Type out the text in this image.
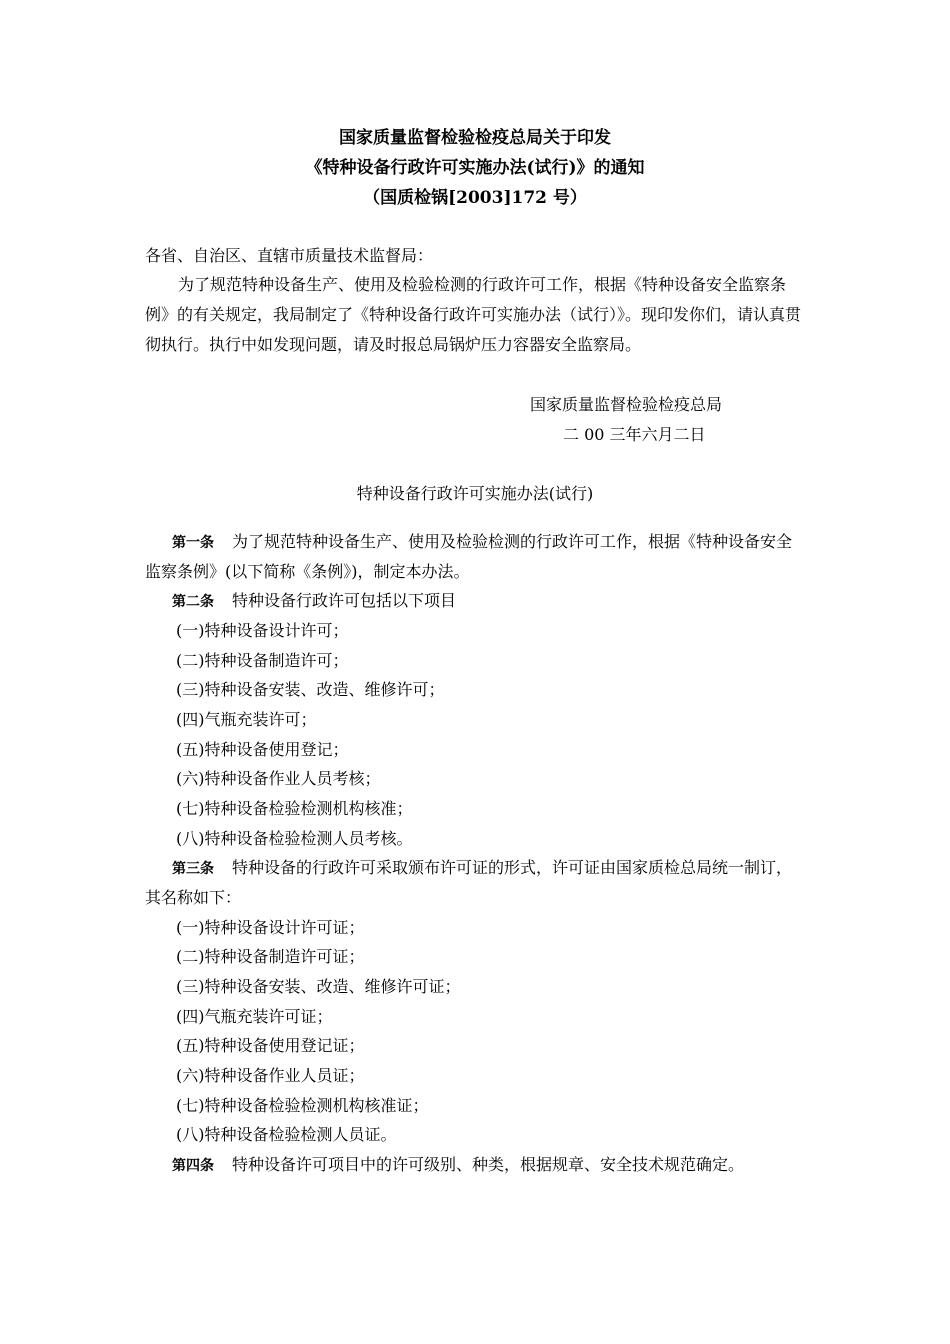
国家质量监督检验检疫总局关于印发
《特种设备行政许可实施办法(试行)》的通知
（国质检锅[2003]172 号）
各省、自治区、直辖市质量技术监督局：
为了规范特种设备生产、使用及检验检测的行政许可工作，根据《特种设备安全监察条
例》的有关规定，我局制定了《特种设备行政许可实施办法（试行）》。现印发你们，请认真贯
彻执行。执行中如发现问题，请及时报总局锅炉压力容器安全监察局。
国家质量监督检验检疫总局
二 00 三年六月二日
特种设备行政许可实施办法(试行)
第一条 为了规范特种设备生产、使用及检验检测的行政许可工作，根据《特种设备安全
监察条例》(以下简称《条例》)，制定本办法。
第二条 特种设备行政许可包括以下项目
(一)特种设备设计许可；
(二)特种设备制造许可；
(三)特种设备安装、改造、维修许可；
(四)气瓶充装许可；
(五)特种设备使用登记；
(六)特种设备作业人员考核；
(七)特种设备检验检测机构核准；
(八)特种设备检验检测人员考核。
第三条 特种设备的行政许可采取颁布许可证的形式，许可证由国家质检总局统一制订，
其名称如下：
(一)特种设备设计许可证；
(二)特种设备制造许可证；
(三)特种设备安装、改造、维修许可证；
(四)气瓶充装许可证；
(五)特种设备使用登记证；
(六)特种设备作业人员证；
(七)特种设备检验检测机构核准证；
(八)特种设备检验检测人员证。
第四条 特种设备许可项目中的许可级别、种类，根据规章、安全技术规范确定。
